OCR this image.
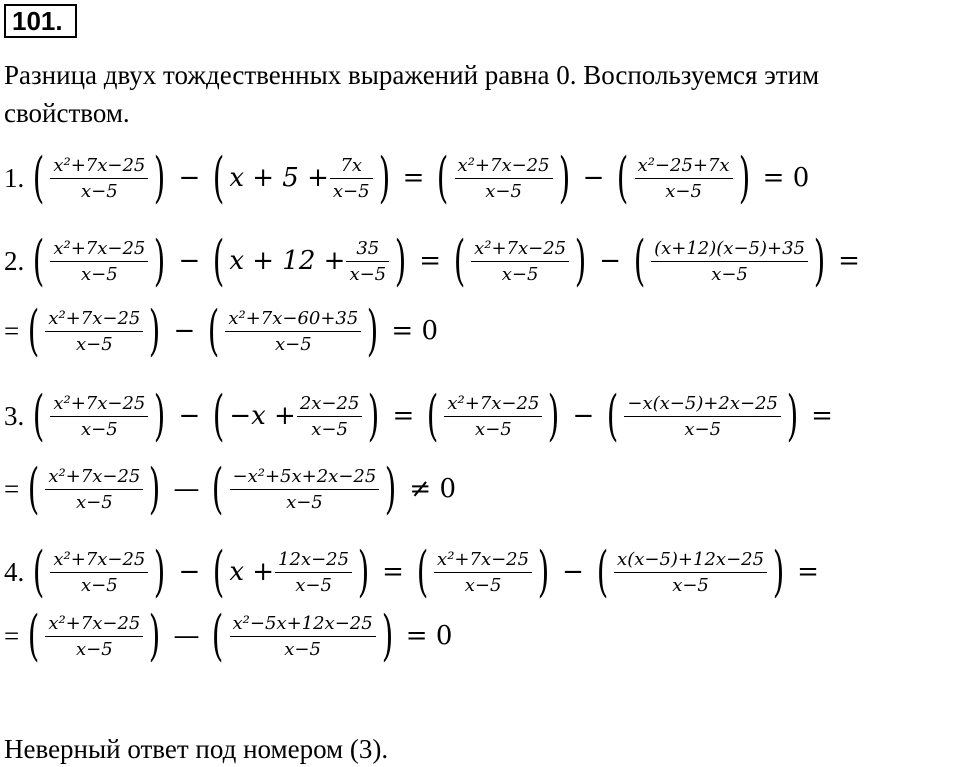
101.
Разница двух тождественных выражений равна 0. Воспользуемся этим
свойством.
1. ( $\frac{\text{x²+7x−25}}{x-5}$ ) − ( $x + 5 + \frac{7x}{x-5}$ ) = ( $\frac{\text{x²+7x−25}}{x-5}$ ) − ( $\frac{\text{x²−25+7x}}{x-5}$ ) = 0
2. ( $\frac{\text{x²+7x−25}}{x-5}$ ) − ( $x + 12 + \frac{35}{x-5}$ ) = ( $\frac{\text{x²+7x−25}}{x-5}$ ) − ( $\frac{(x+12)(x-5)+35}{x-5}$ ) =
= ( $\frac{\text{x²+7x−25}}{x-5}$ ) − ( $\frac{\text{x²+7x−60+35}}{x-5}$ ) = 0
3. ( $\frac{\text{x²+7x−25}}{x-5}$ ) − ( $-x + \frac{2x-25}{x-5}$ ) = ( $\frac{\text{x²+7x−25}}{x-5}$ ) − ( $\frac{-x(x-5)+2x-25}{x-5}$ ) =
= ( $\frac{\text{x²+7x−25}}{x-5}$ ) — ( $\frac{\text{−x²+5x+2x−25}}{x-5}$ ) ≠ 0
4. ( $\frac{\text{x²+7x−25}}{x-5}$ ) − ( $x + \frac{12x-25}{x-5}$ ) = ( $\frac{\text{x²+7x−25}}{x-5}$ ) − ( $\frac{x(x-5)+12x-25}{x-5}$ ) =
= ( $\frac{\text{x²+7x−25}}{x-5}$ ) — ( $\frac{\text{x²−5x+12x−25}}{x-5}$ ) = 0
Неверный ответ под номером (3).
